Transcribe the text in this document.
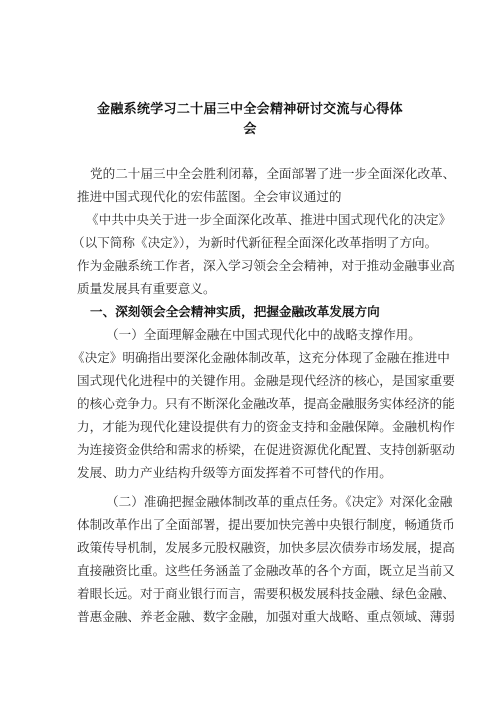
金融系统学习二十届三中全会精神研讨交流与心得体
会
党的二十届三中全会胜利闭幕，全面部署了进一步全面深化改革、
推进中国式现代化的宏伟蓝图。全会审议通过的
《中共中央关于进一步全面深化改革、推进中国式现代化的决定》
（以下简称《决定》），为新时代新征程全面深化改革指明了方向。
作为金融系统工作者，深入学习领会全会精神，对于推动金融事业高
质量发展具有重要意义。
一、深刻领会全会精神实质，把握金融改革发展方向
（一）全面理解金融在中国式现代化中的战略支撑作用。
《决定》明确指出要深化金融体制改革，这充分体现了金融在推进中
国式现代化进程中的关键作用。金融是现代经济的核心，是国家重要
的核心竞争力。只有不断深化金融改革，提高金融服务实体经济的能
力，才能为现代化建设提供有力的资金支持和金融保障。金融机构作
为连接资金供给和需求的桥梁，在促进资源优化配置、支持创新驱动
发展、助力产业结构升级等方面发挥着不可替代的作用。
（二）准确把握金融体制改革的重点任务。《决定》对深化金融
体制改革作出了全面部署，提出要加快完善中央银行制度，畅通货币
政策传导机制，发展多元股权融资，加快多层次债券市场发展，提高
直接融资比重。这些任务涵盖了金融改革的各个方面，既立足当前又
着眼长远。对于商业银行而言，需要积极发展科技金融、绿色金融、
普惠金融、养老金融、数字金融，加强对重大战略、重点领域、薄弱
